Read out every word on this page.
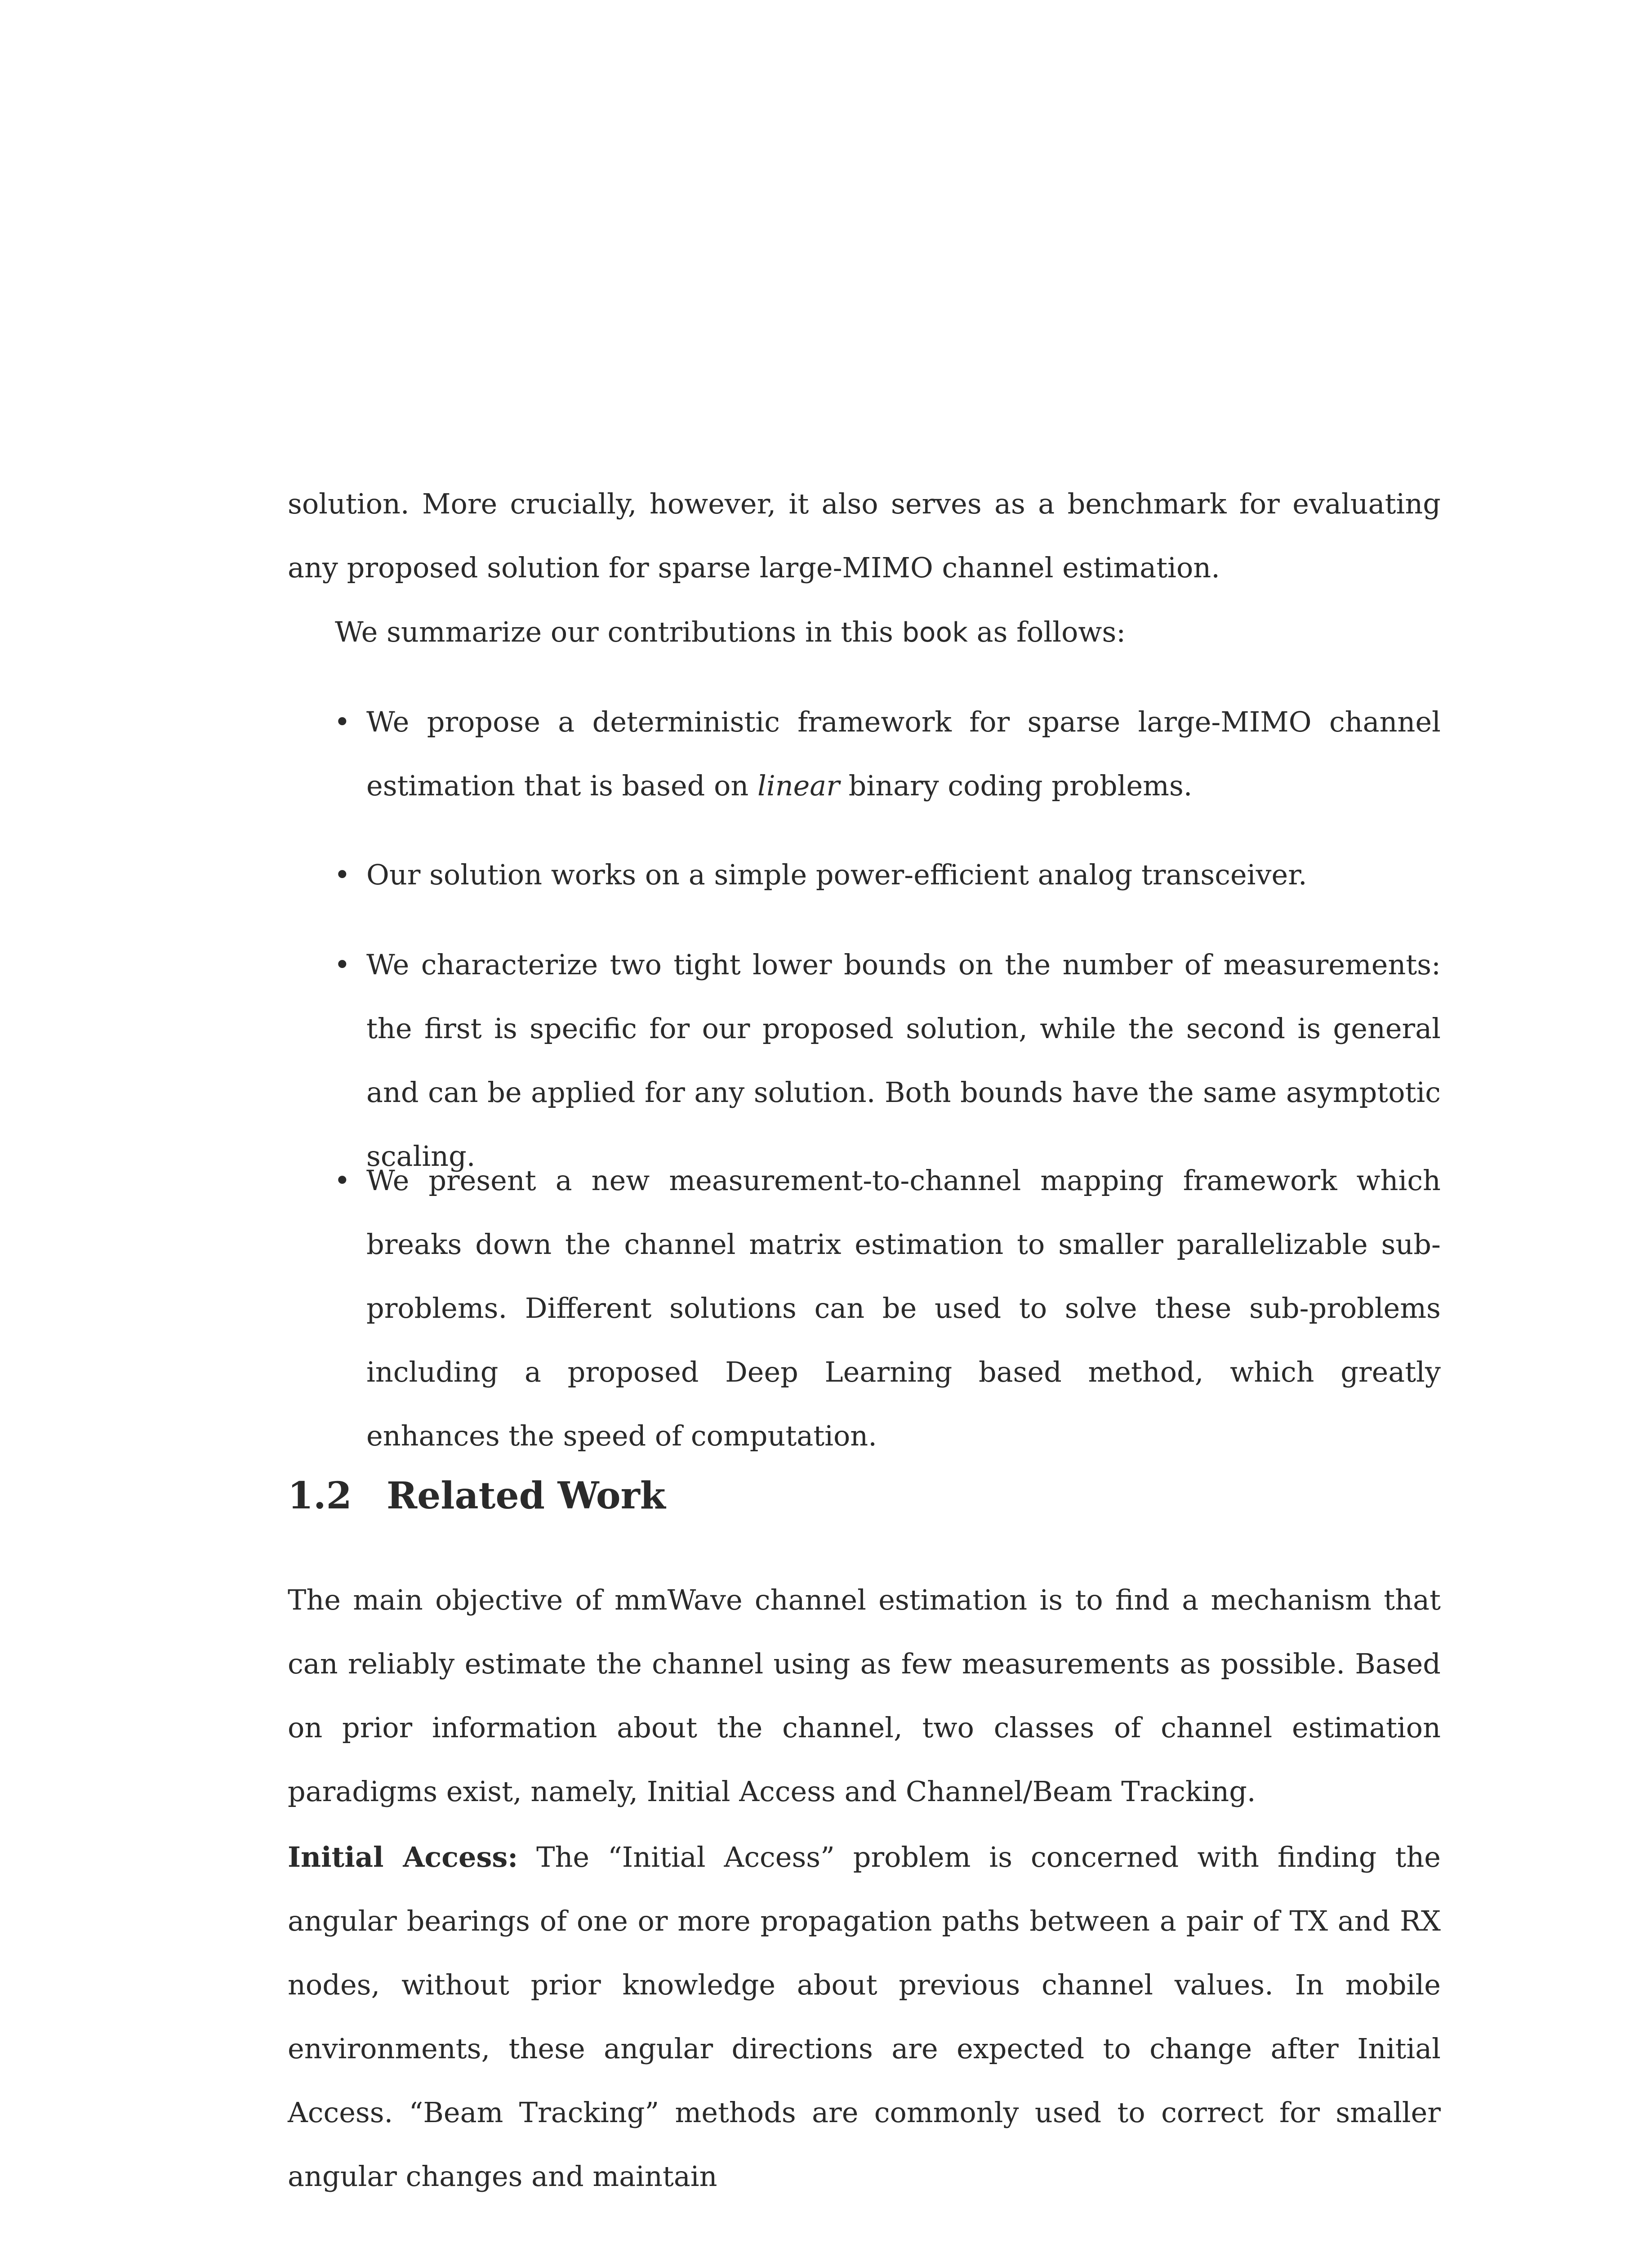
solution. More crucially, however, it also serves as a benchmark for evaluating any proposed solution for sparse large-MIMO channel estimation.

We summarize our contributions in this book as follows:

• We propose a deterministic framework for sparse large-MIMO channel estimation that is based on linear binary coding problems.
• Our solution works on a simple power-efficient analog transceiver.
• We characterize two tight lower bounds on the number of measurements: the first is specific for our proposed solution, while the second is general and can be applied for any solution. Both bounds have the same asymptotic scaling.
• We present a new measurement-to-channel mapping framework which breaks down the channel matrix estimation to smaller parallelizable sub-problems. Different solutions can be used to solve these sub-problems including a proposed Deep Learning based method, which greatly enhances the speed of computation.
1.2 Related Work

The main objective of mmWave channel estimation is to find a mechanism that can reliably estimate the channel using as few measurements as possible. Based on prior information about the channel, two classes of channel estimation paradigms exist, namely, Initial Access and Channel/Beam Tracking.

Initial Access: The “Initial Access” problem is concerned with finding the angular bearings of one or more propagation paths between a pair of TX and RX nodes, without prior knowledge about previous channel values. In mobile environments, these angular directions are expected to change after Initial Access. “Beam Tracking” methods are commonly used to correct for smaller angular changes and maintain
